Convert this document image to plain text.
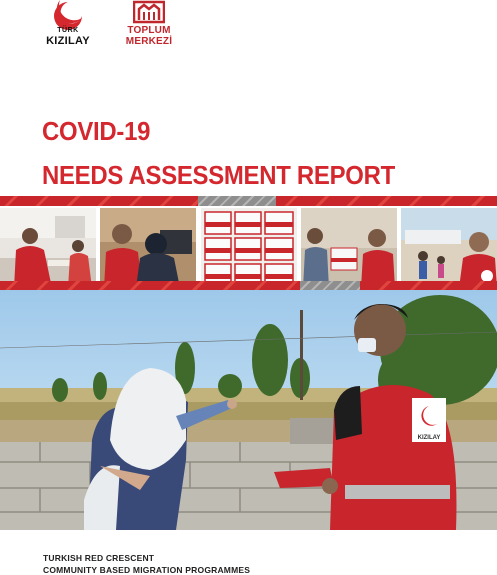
TÜRK
KIZILAY
TOPLUM
MERKEZİ
COVID-19
NEEDS ASSESSMENT REPORT
KIZILAY
TURKISH RED CRESCENT
COMMUNITY BASED MIGRATION PROGRAMMES
